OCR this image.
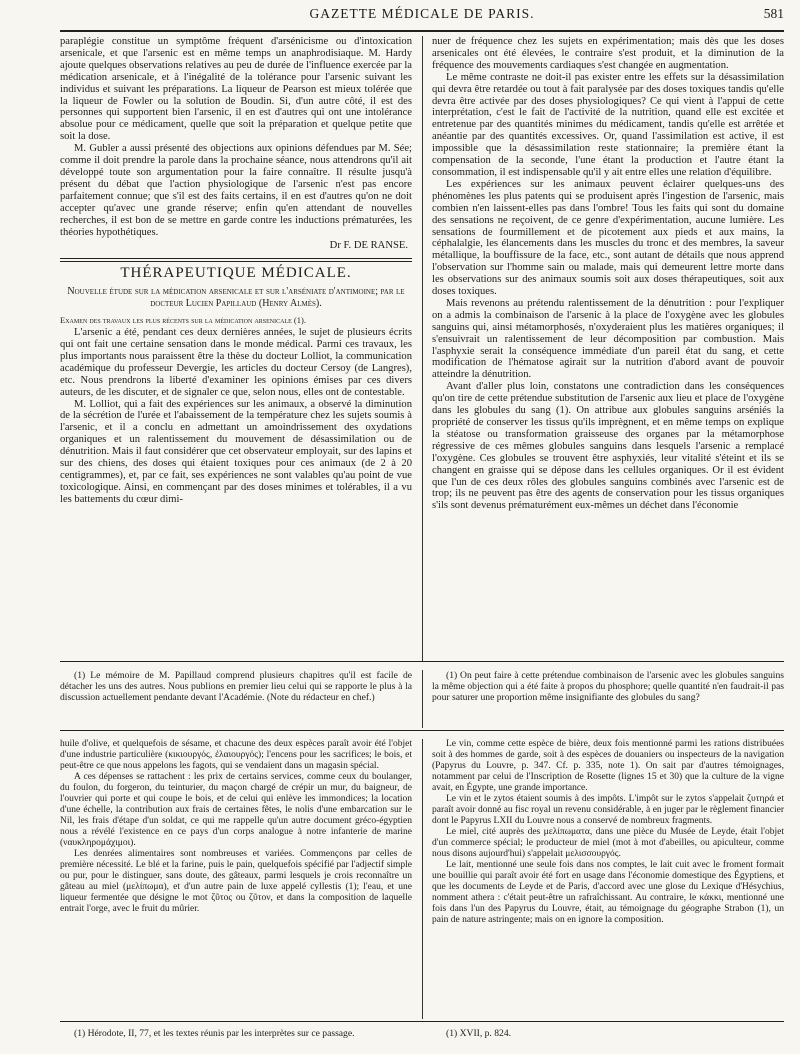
GAZETTE MÉDICALE DE PARIS.	581

paraplégie constitue un symptôme fréquent d'arsénicisme ou d'intoxication arsenicale, et que l'arsenic est en même temps un anaphrodisiaque. M. Hardy ajoute quelques observations relatives au peu de durée de l'influence exercée par la médication arsenicale, et à l'inégalité de la tolérance pour l'arsenic suivant les individus et suivant les préparations. La liqueur de Pearson est mieux tolérée que la liqueur de Fowler ou la solution de Boudin. Si, d'un autre côté, il est des personnes qui supportent bien l'arsenic, il en est d'autres qui ont une intolérance absolue pour ce médicament, quelle que soit la préparation et quelque petite que soit la dose.

M. Gubler a aussi présenté des objections aux opinions défendues par M. Sée; comme il doit prendre la parole dans la prochaine séance, nous attendrons qu'il ait développé toute son argumentation pour la faire connaître. Il résulte jusqu'à présent du débat que l'action physiologique de l'arsenic n'est pas encore parfaitement connue; que s'il est des faits certains, il en est d'autres qu'on ne doit accepter qu'avec une grande réserve; enfin qu'en attendant de nouvelles recherches, il est bon de se mettre en garde contre les inductions prématurées, les théories hypothétiques.

Dr F. DE RANSE.
THÉRAPEUTIQUE MÉDICALE.
Nouvelle étude sur la médication arsenicale et sur l'arséniate d'antimoine; par le docteur Lucien Papillaud (Henry Almès).

Examen des travaux les plus récents sur la médication arsenicale (1).

L'arsenic a été, pendant ces deux dernières années, le sujet de plusieurs écrits qui ont fait une certaine sensation dans le monde médical. Parmi ces travaux, les plus importants nous paraissent être la thèse du docteur Lolliot, la communication académique du professeur Devergie, les articles du docteur Cersoy (de Langres), etc. Nous prendrons la liberté d'examiner les opinions émises par ces divers auteurs, de les discuter, et de signaler ce que, selon nous, elles ont de contestable.

M. Lolliot, qui a fait des expériences sur les animaux, a observé la diminution de la sécrétion de l'urée et l'abaissement de la température chez les sujets soumis à l'arsenic, et il a conclu en admettant un amoindrissement des oxydations organiques et un ralentissement du mouvement de désassimilation ou de dénutrition. Mais il faut considérer que cet observateur employait, sur des lapins et sur des chiens, des doses qui étaient toxiques pour ces animaux (de 2 à 20 centigrammes), et, par ce fait, ses expériences ne sont valables qu'au point de vue toxicologique. Ainsi, en commençant par des doses minimes et tolérables, il a vu les battements du cœur dimi-

nuer de fréquence chez les sujets en expérimentation; mais dès que les doses arsenicales ont été élevées, le contraire s'est produit, et la diminution de la fréquence des mouvements cardiaques s'est changée en augmentation.

Le même contraste ne doit-il pas exister entre les effets sur la désassimilation qui devra être retardée ou tout à fait paralysée par des doses toxiques tandis qu'elle devra être activée par des doses physiologiques? Ce qui vient à l'appui de cette interprétation, c'est le fait de l'activité de la nutrition, quand elle est excitée et entretenue par des quantités minimes du médicament, tandis qu'elle est arrêtée et anéantie par des quantités excessives. Or, quand l'assimilation est active, il est impossible que la désassimilation reste stationnaire; la première étant la compensation de la seconde, l'une étant la production et l'autre étant la consommation, il est indispensable qu'il y ait entre elles une relation d'équilibre.

Les expériences sur les animaux peuvent éclairer quelques-uns des phénomènes les plus patents qui se produisent après l'ingestion de l'arsenic, mais combien n'en laissent-elles pas dans l'ombre! Tous les faits qui sont du domaine des sensations ne reçoivent, de ce genre d'expérimentation, aucune lumière. Les sensations de fourmillement et de picotement aux pieds et aux mains, la céphalalgie, les élancements dans les muscles du tronc et des membres, la saveur métallique, la bouffissure de la face, etc., sont autant de détails que nous apprend l'observation sur l'homme sain ou malade, mais qui demeurent lettre morte dans les observations sur des animaux soumis soit aux doses thérapeutiques, soit aux doses toxiques.

Mais revenons au prétendu ralentissement de la dénutrition : pour l'expliquer on a admis la combinaison de l'arsenic à la place de l'oxygène avec les globules sanguins qui, ainsi métamorphosés, n'oxyderaient plus les matières organiques; il s'ensuivrait un ralentissement de leur décomposition par combustion. Mais l'asphyxie serait la conséquence immédiate d'un pareil état du sang, et cette modification de l'hématose agirait sur la nutrition d'abord avant de pouvoir atteindre la dénutrition.

Avant d'aller plus loin, constatons une contradiction dans les conséquences qu'on tire de cette prétendue substitution de l'arsenic aux lieu et place de l'oxygène dans les globules du sang (1). On attribue aux globules sanguins arséniés la propriété de conserver les tissus qu'ils imprègnent, et en même temps on explique la stéatose ou transformation graisseuse des organes par la métamorphose régressive de ces mêmes globules sanguins dans lesquels l'arsenic a remplacé l'oxygène. Ces globules se trouvent être asphyxiés, leur vitalité s'éteint et ils se changent en graisse qui se dépose dans les cellules organiques. Or il est évident que l'un de ces deux rôles des globules sanguins combinés avec l'arsenic est de trop; ils ne peuvent pas être des agents de conservation pour les tissus organiques s'ils sont devenus prématurément eux-mêmes un déchet dans l'économie

(1) Le mémoire de M. Papillaud comprend plusieurs chapitres qu'il est facile de détacher les uns des autres. Nous publions en premier lieu celui qui se rapporte le plus à la discussion actuellement pendante devant l'Académie. (Note du rédacteur en chef.)

(1) On peut faire à cette prétendue combinaison de l'arsenic avec les globules sanguins la même objection qui a été faite à propos du phosphore; quelle quantité n'en faudrait-il pas pour saturer une proportion même insignifiante des globules du sang?

huile d'olive, et quelquefois de sésame, et chacune des deux espèces paraît avoir été l'objet d'une industrie particulière (κικιουργός, ἐλαιουργός); l'encens pour les sacrifices; le bois, et peut-être ce que nous appelons les fagots, qui se vendaient dans un magasin spécial.

A ces dépenses se rattachent : les prix de certains services, comme ceux du boulanger, du foulon, du forgeron, du teinturier, du maçon chargé de crépir un mur, du baigneur, de l'ouvrier qui porte et qui coupe le bois, et de celui qui enlève les immondices; la location d'une échelle, la contribution aux frais de certaines fêtes, le nolis d'une embarcation sur le Nil, les frais d'étape d'un soldat, ce qui me rappelle qu'un autre document gréco-égyptien nous a révélé l'existence en ce pays d'un corps analogue à notre infanterie de marine (ναυκληρομάχιμοι).

Les denrées alimentaires sont nombreuses et variées. Commençons par celles de première nécessité. Le blé et la farine, puis le pain, quelquefois spécifié par l'adjectif simple ou pur, pour le distinguer, sans doute, des gâteaux, parmi lesquels je crois reconnaître un gâteau au miel (μελίπωμα), et d'un autre pain de luxe appelé cyllestis (1); l'eau, et une liqueur fermentée que désigne le mot ζῦτος ou ζῦτον, et dans la composition de laquelle entrait l'orge, avec le fruit du mûrier.

Le vin, comme cette espèce de bière, deux fois mentionné parmi les rations distribuées soit à des hommes de garde, soit à des espèces de douaniers ou inspecteurs de la navigation (Papyrus du Louvre, p. 347. Cf. p. 335, note 1). On sait par d'autres témoignages, notamment par celui de l'Inscription de Rosette (lignes 15 et 30) que la culture de la vigne avait, en Égypte, une grande importance.

Le vin et le zytos étaient soumis à des impôts. L'impôt sur le zytos s'appelait ζυτηρά et paraît avoir donné au fisc royal un revenu considérable, à en juger par le règlement financier dont le Papyrus LXII du Louvre nous a conservé de nombreux fragments.

Le miel, cité auprès des μελίπωματα, dans une pièce du Musée de Leyde, était l'objet d'un commerce spécial; le producteur de miel (mot à mot d'abeilles, ou apiculteur, comme nous disons aujourd'hui) s'appelait μελισσουργός.

Le lait, mentionné une seule fois dans nos comptes, le lait cuit avec le froment formait une bouillie qui paraît avoir été fort en usage dans l'économie domestique des Égyptiens, et que les documents de Leyde et de Paris, d'accord avec une glose du Lexique d'Hésychius, nomment athera : c'était peut-être un rafraîchissant. Au contraire, le κάκκι, mentionné une fois dans l'un des Papyrus du Louvre, était, au témoignage du géographe Strabon (1), un pain de nature astringente; mais on en ignore la composition.

(1) Hérodote, II, 77, et les textes réunis par les interprètes sur ce passage.	(1) XVII, p. 824.
